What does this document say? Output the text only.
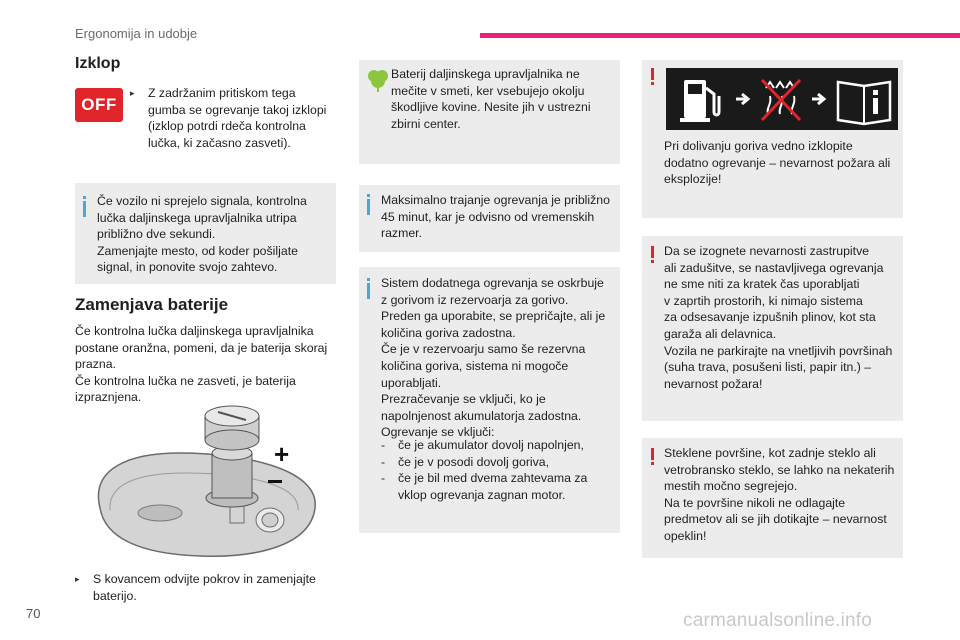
Ergonomija in udobje
Izklop
OFF
▸	Z zadržanim pritiskom tega
gumba se ogrevanje takoj izklopi
(izklop potrdi rdeča kontrolna
lučka, ki začasno zasveti).
Če vozilo ni sprejelo signala, kontrolna
lučka daljinskega upravljalnika utripa
približno dve sekundi.
Zamenjajte mesto, od koder pošiljate
signal, in ponovite svojo zahtevo.
Zamenjava baterije
Če kontrolna lučka daljinskega upravljalnika
postane oranžna, pomeni, da je baterija skoraj
prazna.
Če kontrolna lučka ne zasveti, je baterija
izpraznjena.
+
▸	S kovancem odvijte pokrov in zamenjajte
baterijo.
Baterij daljinskega upravljalnika ne
mečite v smeti, ker vsebujejo okolju
škodljive kovine. Nesite jih v ustrezni
zbirni center.
Maksimalno trajanje ogrevanja je približno
45 minut, kar je odvisno od vremenskih
razmer.
Sistem dodatnega ogrevanja se oskrbuje
z gorivom iz rezervoarja za gorivo.
Preden ga uporabite, se prepričajte, ali je
količina goriva zadostna.
Če je v rezervoarju samo še rezervna
količina goriva, sistema ni mogoče
uporabljati.
Prezračevanje se vključi, ko je
napolnjenost akumulatorja zadostna.
Ogrevanje se vključi:
-	če je akumulator dovolj napolnjen,
-	če je v posodi dovolj goriva,
-	če je bil med dvema zahtevama za
vklop ogrevanja zagnan motor.
Pri dolivanju goriva vedno izklopite
dodatno ogrevanje – nevarnost požara ali
eksplozije!
Da se izognete nevarnosti zastrupitve
ali zadušitve, se nastavljivega ogrevanja
ne sme niti za kratek čas uporabljati
v zaprtih prostorih, ki nimajo sistema
za odsesavanje izpušnih plinov, kot sta
garaža ali delavnica.
Vozila ne parkirajte na vnetljivih površinah
(suha trava, posušeni listi, papir itn.) –
nevarnost požara!
Steklene površine, kot zadnje steklo ali
vetrobransko steklo, se lahko na nekaterih
mestih močno segrejejo.
Na te površine nikoli ne odlagajte
predmetov ali se jih dotikajte – nevarnost
opeklin!
70	carmanualsonline.info
